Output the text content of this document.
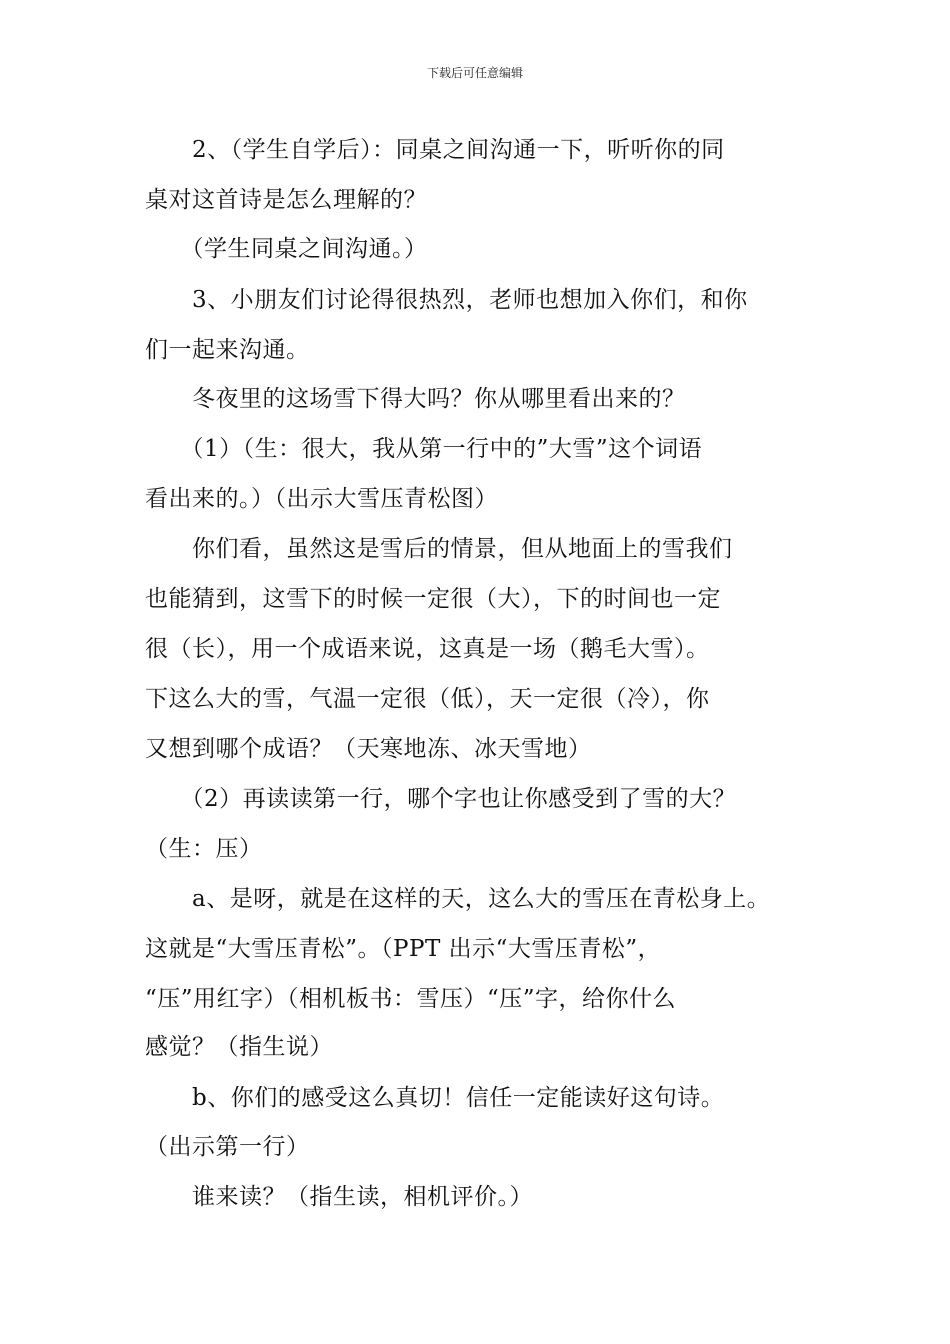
下载后可任意编辑
　　2、（学生自学后）：同桌之间沟通一下，听听你的同
桌对这首诗是怎么理解的？
　　（学生同桌之间沟通。）
　　3、小朋友们讨论得很热烈，老师也想加入你们，和你
们一起来沟通。
　　冬夜里的这场雪下得大吗？你从哪里看出来的？
　　（1）（生：很大，我从第一行中的”大雪”这个词语
看出来的。）（出示大雪压青松图）
　　你们看，虽然这是雪后的情景，但从地面上的雪我们
也能猜到，这雪下的时候一定很（大），下的时间也一定
很（长），用一个成语来说，这真是一场（鹅毛大雪）。
下这么大的雪，气温一定很（低），天一定很（冷），你
又想到哪个成语？（天寒地冻、冰天雪地）
　　（2）再读读第一行，哪个字也让你感受到了雪的大？
（生：压）
　　a、是呀，就是在这样的天，这么大的雪压在青松身上。
这就是“大雪压青松”。（PPT 出示“大雪压青松”，
“压”用红字）（相机板书：雪压）“压”字，给你什么
感觉？（指生说）
　　b、你们的感受这么真切！信任一定能读好这句诗。
（出示第一行）
　　谁来读？（指生读，相机评价。）
